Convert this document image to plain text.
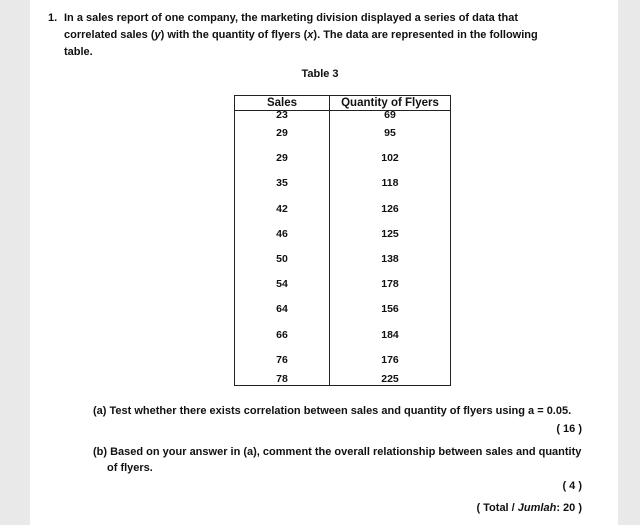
1. In a sales report of one company, the marketing division displayed a series of data that
correlated sales (y) with the quantity of flyers (x). The data are represented in the following
table.
Table 3
Sales	Quantity of Flyers
23	69
29	95
29	102
35	118
42	126
46	125
50	138
54	178
64	156
66	184
76	176
78	225
(a) Test whether there exists correlation between sales and quantity of flyers using a = 0.05.
( 16 )
(b) Based on your answer in (a), comment the overall relationship between sales and quantity
of flyers.
( 4 )
( Total / Jumlah: 20 )
